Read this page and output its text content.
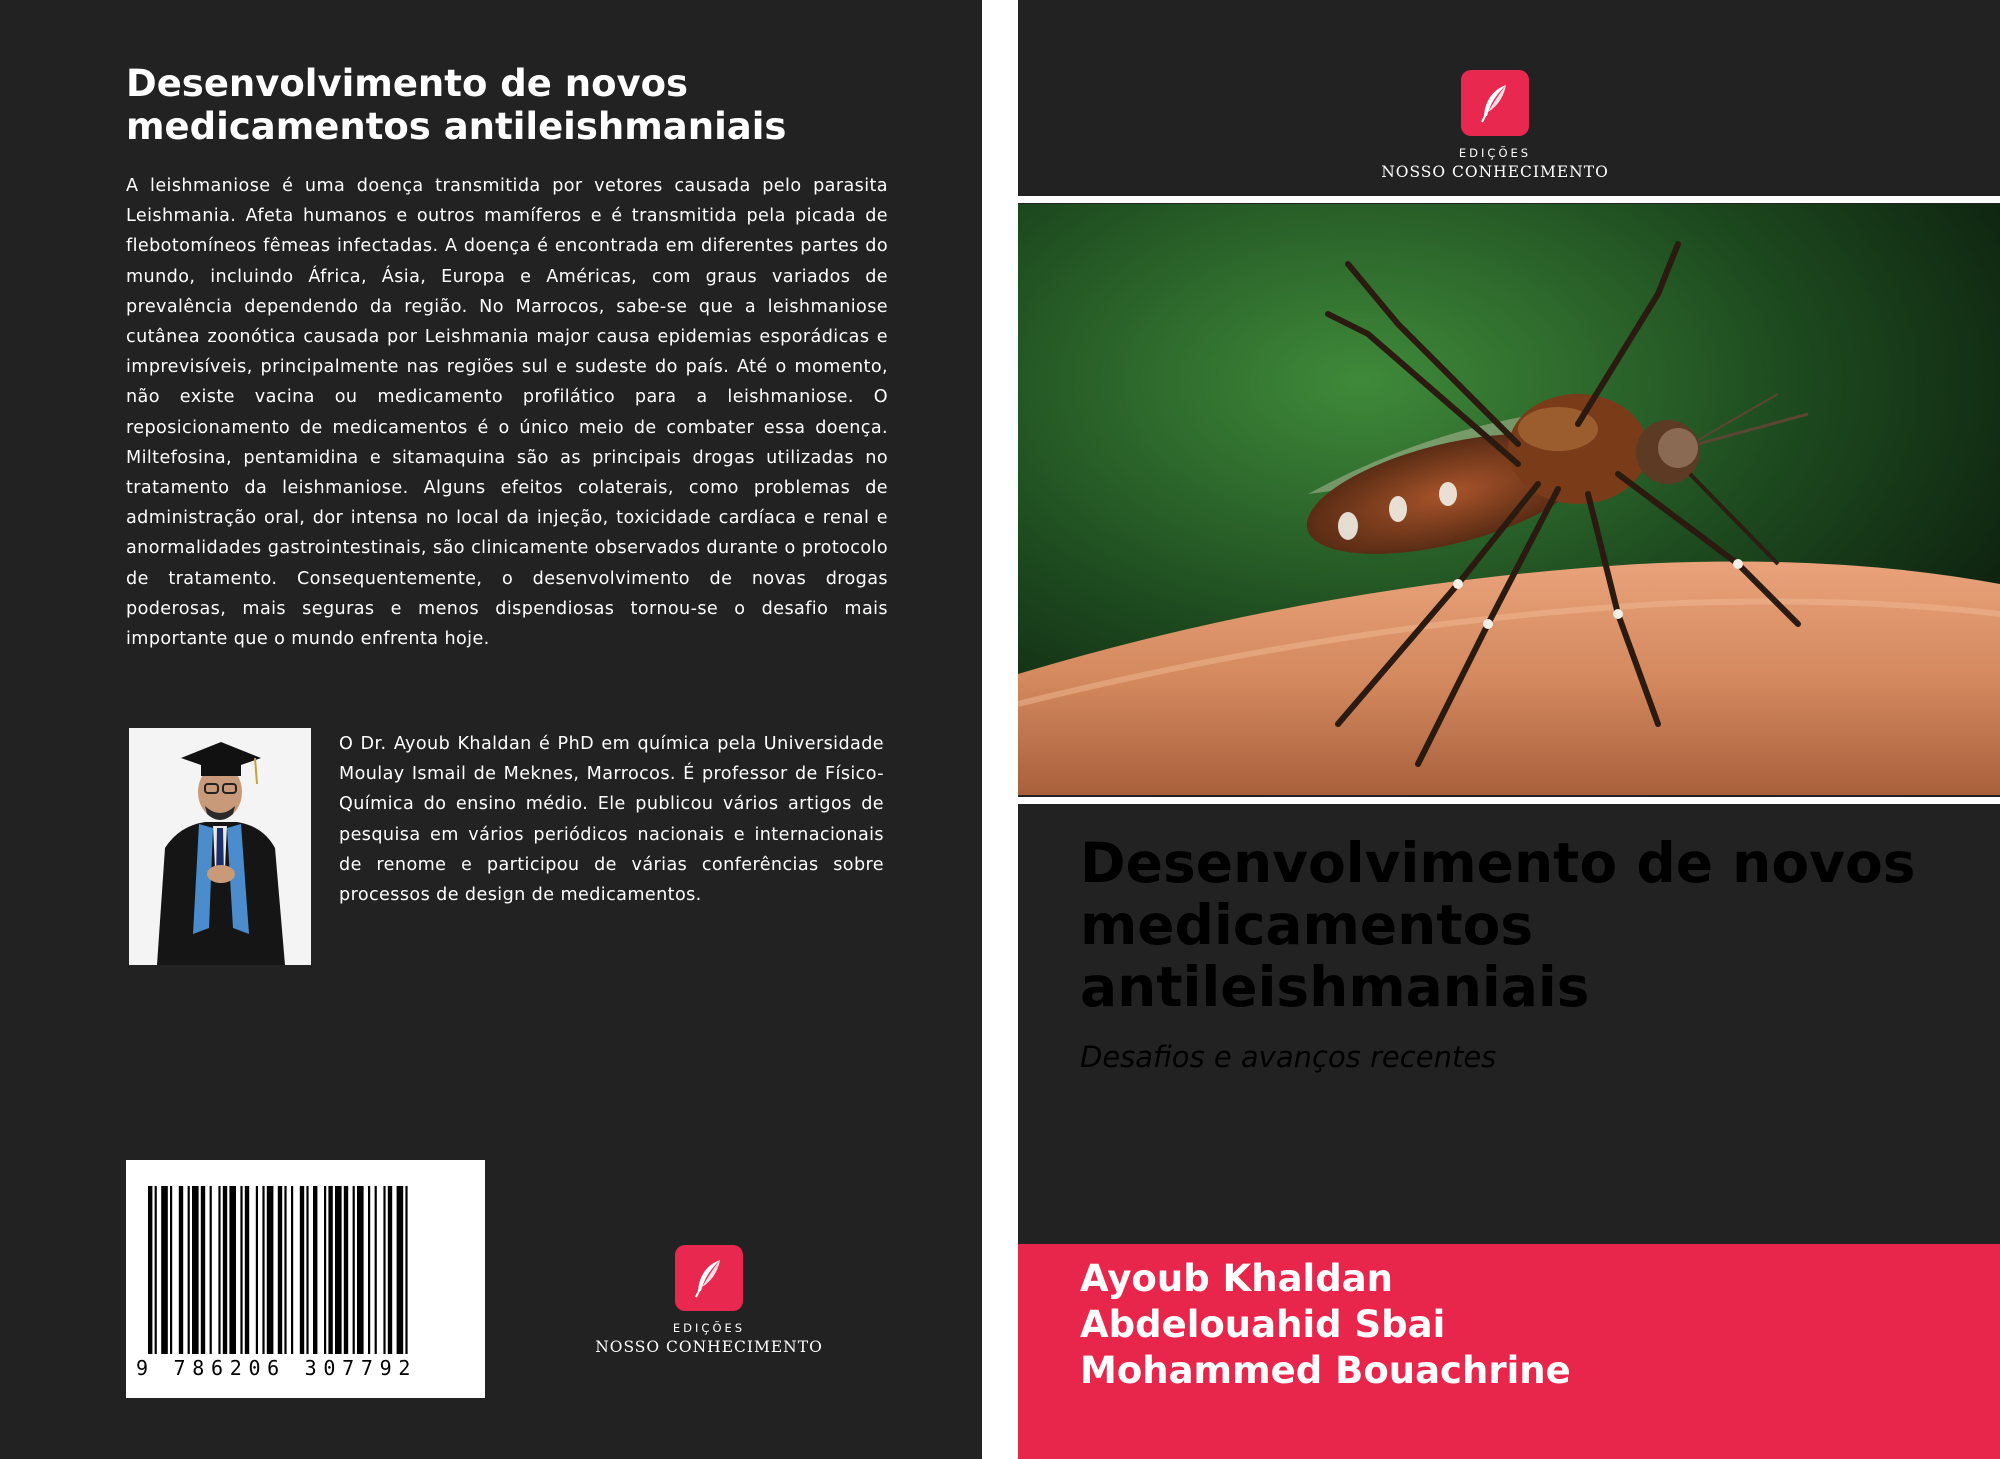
Desenvolvimento de novos medicamentos antileishmaniais

A leishmaniose é uma doença transmitida por vetores causada pelo parasita Leishmania. Afeta humanos e outros mamíferos e é transmitida pela picada de flebotomíneos fêmeas infectadas. A doença é encontrada em diferentes partes do mundo, incluindo África, Ásia, Europa e Américas, com graus variados de prevalência dependendo da região. No Marrocos, sabe-se que a leishmaniose cutânea zoonótica causada por Leishmania major causa epidemias esporádicas e imprevisíveis, principalmente nas regiões sul e sudeste do país. Até o momento, não existe vacina ou medicamento profilático para a leishmaniose. O reposicionamento de medicamentos é o único meio de combater essa doença. Miltefosina, pentamidina e sitamaquina são as principais drogas utilizadas no tratamento da leishmaniose. Alguns efeitos colaterais, como problemas de administração oral, dor intensa no local da injeção, toxicidade cardíaca e renal e anormalidades gastrointestinais, são clinicamente observados durante o protocolo de tratamento. Consequentemente, o desenvolvimento de novas drogas poderosas, mais seguras e menos dispendiosas tornou-se o desafio mais importante que o mundo enfrenta hoje.

O Dr. Ayoub Khaldan é PhD em química pela Universidade Moulay Ismail de Meknes, Marrocos. É professor de Físico-Química do ensino médio. Ele publicou vários artigos de pesquisa em vários periódicos nacionais e internacionais de renome e participou de várias conferências sobre processos de design de medicamentos.

9 786206 307792
EDIÇÕES
NOSSO CONHECIMENTO
EDIÇÕES
NOSSO CONHECIMENTO
Desenvolvimento de novos medicamentos antileishmaniais

Desafios e avanços recentes

Ayoub Khaldan

Abdelouahid Sbai

Mohammed Bouachrine
